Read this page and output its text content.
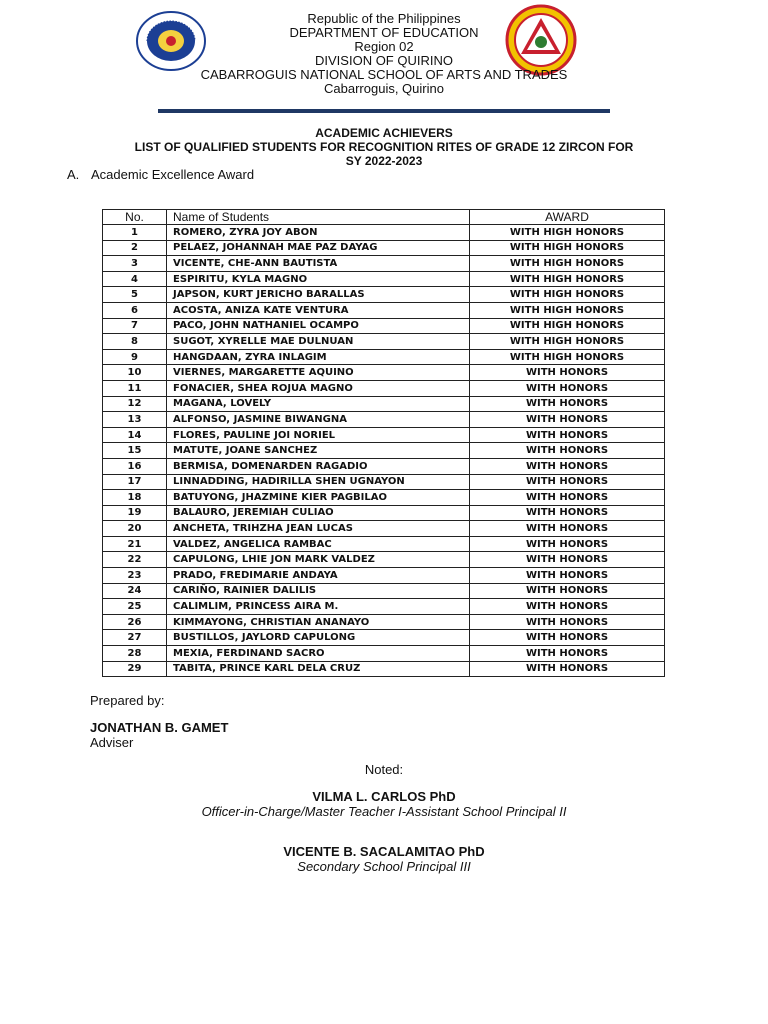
Republic of the Philippines
DEPARTMENT OF EDUCATION
Region 02
DIVISION OF QUIRINO
CABARROGUIS NATIONAL SCHOOL OF ARTS AND TRADES
Cabarroguis, Quirino
ACADEMIC ACHIEVERS
LIST OF QUALIFIED STUDENTS FOR RECOGNITION RITES OF GRADE 12 ZIRCON FOR
SY 2022-2023
A. Academic Excellence Award
No.	Name of Students	AWARD
1	ROMERO, ZYRA JOY ABON	WITH HIGH HONORS
2	PELAEZ, JOHANNAH MAE PAZ DAYAG	WITH HIGH HONORS
3	VICENTE, CHE-ANN BAUTISTA	WITH HIGH HONORS
4	ESPIRITU, KYLA MAGNO	WITH HIGH HONORS
5	JAPSON, KURT JERICHO BARALLAS	WITH HIGH HONORS
6	ACOSTA, ANIZA KATE VENTURA	WITH HIGH HONORS
7	PACO, JOHN NATHANIEL OCAMPO	WITH HIGH HONORS
8	SUGOT, XYRELLE MAE DULNUAN	WITH HIGH HONORS
9	HANGDAAN, ZYRA INLAGIM	WITH HIGH HONORS
10	VIERNES, MARGARETTE AQUINO	WITH HONORS
11	FONACIER, SHEA ROJUA MAGNO	WITH HONORS
12	MAGANA, LOVELY	WITH HONORS
13	ALFONSO, JASMINE BIWANGNA	WITH HONORS
14	FLORES, PAULINE JOI NORIEL	WITH HONORS
15	MATUTE, JOANE SANCHEZ	WITH HONORS
16	BERMISA, DOMENARDEN RAGADIO	WITH HONORS
17	LINNADDING, HADIRILLA SHEN UGNAYON	WITH HONORS
18	BATUYONG, JHAZMINE KIER PAGBILAO	WITH HONORS
19	BALAURO, JEREMIAH CULIAO	WITH HONORS
20	ANCHETA, TRIHZHA JEAN LUCAS	WITH HONORS
21	VALDEZ, ANGELICA RAMBAC	WITH HONORS
22	CAPULONG, LHIE JON MARK VALDEZ	WITH HONORS
23	PRADO, FREDIMARIE ANDAYA	WITH HONORS
24	CARIÑO, RAINIER DALILIS	WITH HONORS
25	CALIMLIM, PRINCESS AIRA M.	WITH HONORS
26	KIMMAYONG, CHRISTIAN ANANAYO	WITH HONORS
27	BUSTILLOS, JAYLORD CAPULONG	WITH HONORS
28	MEXIA, FERDINAND SACRO	WITH HONORS
29	TABITA, PRINCE KARL DELA CRUZ	WITH HONORS
Prepared by:
JONATHAN B. GAMET
Adviser
Noted:
VILMA L. CARLOS PhD
Officer-in-Charge/Master Teacher I-Assistant School Principal II
VICENTE B. SACALAMITAO PhD
Secondary School Principal III
